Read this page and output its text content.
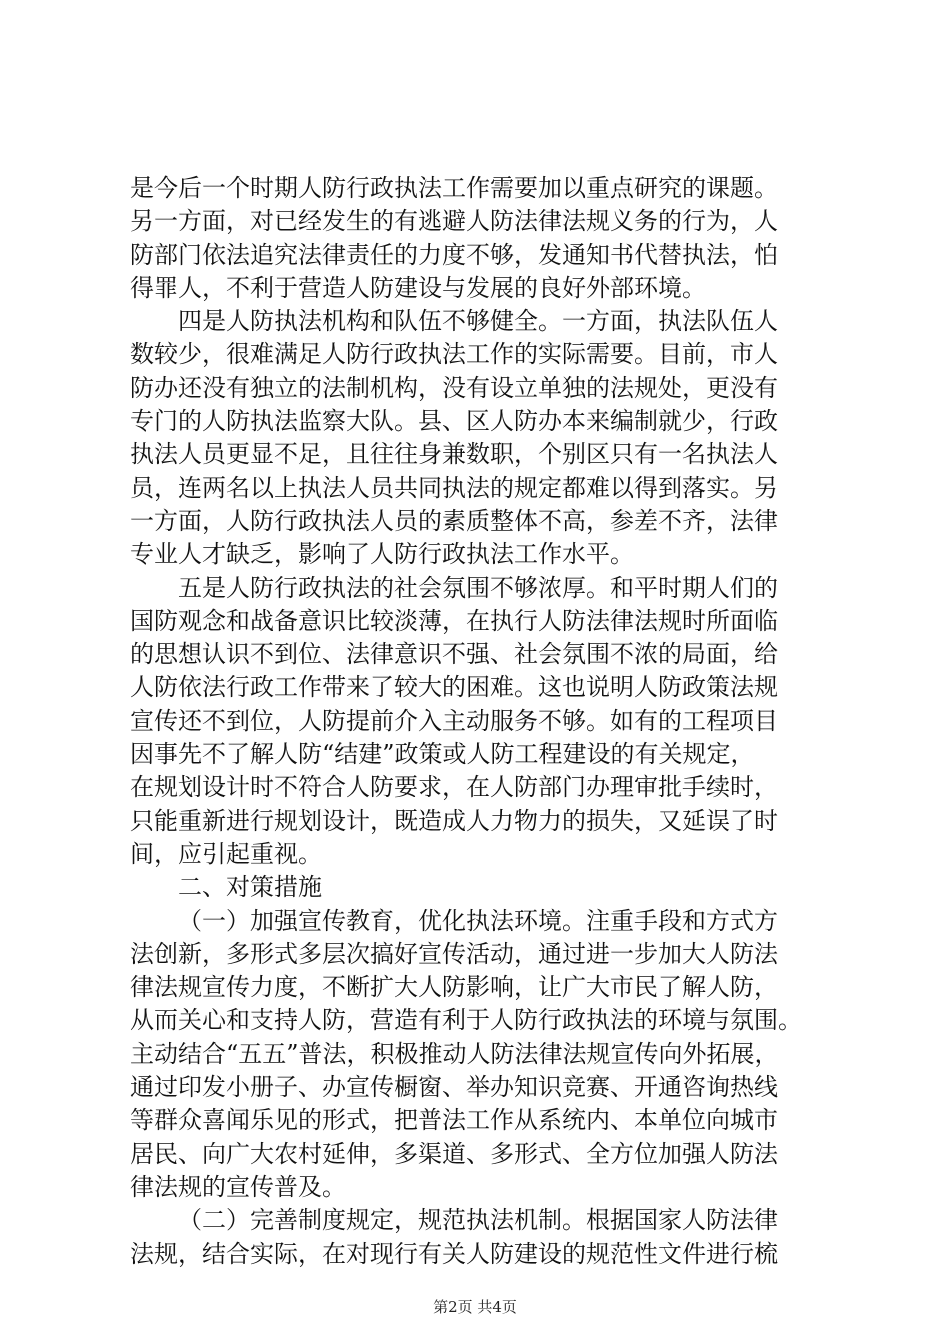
是今后一个时期人防行政执法工作需要加以重点研究的课题。
另一方面，对已经发生的有逃避人防法律法规义务的行为，人
防部门依法追究法律责任的力度不够，发通知书代替执法，怕
得罪人，不利于营造人防建设与发展的良好外部环境。
四是人防执法机构和队伍不够健全。一方面，执法队伍人
数较少，很难满足人防行政执法工作的实际需要。目前，市人
防办还没有独立的法制机构，没有设立单独的法规处，更没有
专门的人防执法监察大队。县、区人防办本来编制就少，行政
执法人员更显不足，且往往身兼数职，个别区只有一名执法人
员，连两名以上执法人员共同执法的规定都难以得到落实。另
一方面，人防行政执法人员的素质整体不高，参差不齐，法律
专业人才缺乏，影响了人防行政执法工作水平。
五是人防行政执法的社会氛围不够浓厚。和平时期人们的
国防观念和战备意识比较淡薄，在执行人防法律法规时所面临
的思想认识不到位、法律意识不强、社会氛围不浓的局面，给
人防依法行政工作带来了较大的困难。这也说明人防政策法规
宣传还不到位，人防提前介入主动服务不够。如有的工程项目
因事先不了解人防“结建”政策或人防工程建设的有关规定，
在规划设计时不符合人防要求，在人防部门办理审批手续时，
只能重新进行规划设计，既造成人力物力的损失，又延误了时
间，应引起重视。
二、对策措施
（一）加强宣传教育，优化执法环境。注重手段和方式方
法创新，多形式多层次搞好宣传活动，通过进一步加大人防法
律法规宣传力度，不断扩大人防影响，让广大市民了解人防，
从而关心和支持人防，营造有利于人防行政执法的环境与氛围。
主动结合“五五”普法，积极推动人防法律法规宣传向外拓展，
通过印发小册子、办宣传橱窗、举办知识竞赛、开通咨询热线
等群众喜闻乐见的形式，把普法工作从系统内、本单位向城市
居民、向广大农村延伸，多渠道、多形式、全方位加强人防法
律法规的宣传普及。
（二）完善制度规定，规范执法机制。根据国家人防法律
法规，结合实际，在对现行有关人防建设的规范性文件进行梳
第2页 共4页
